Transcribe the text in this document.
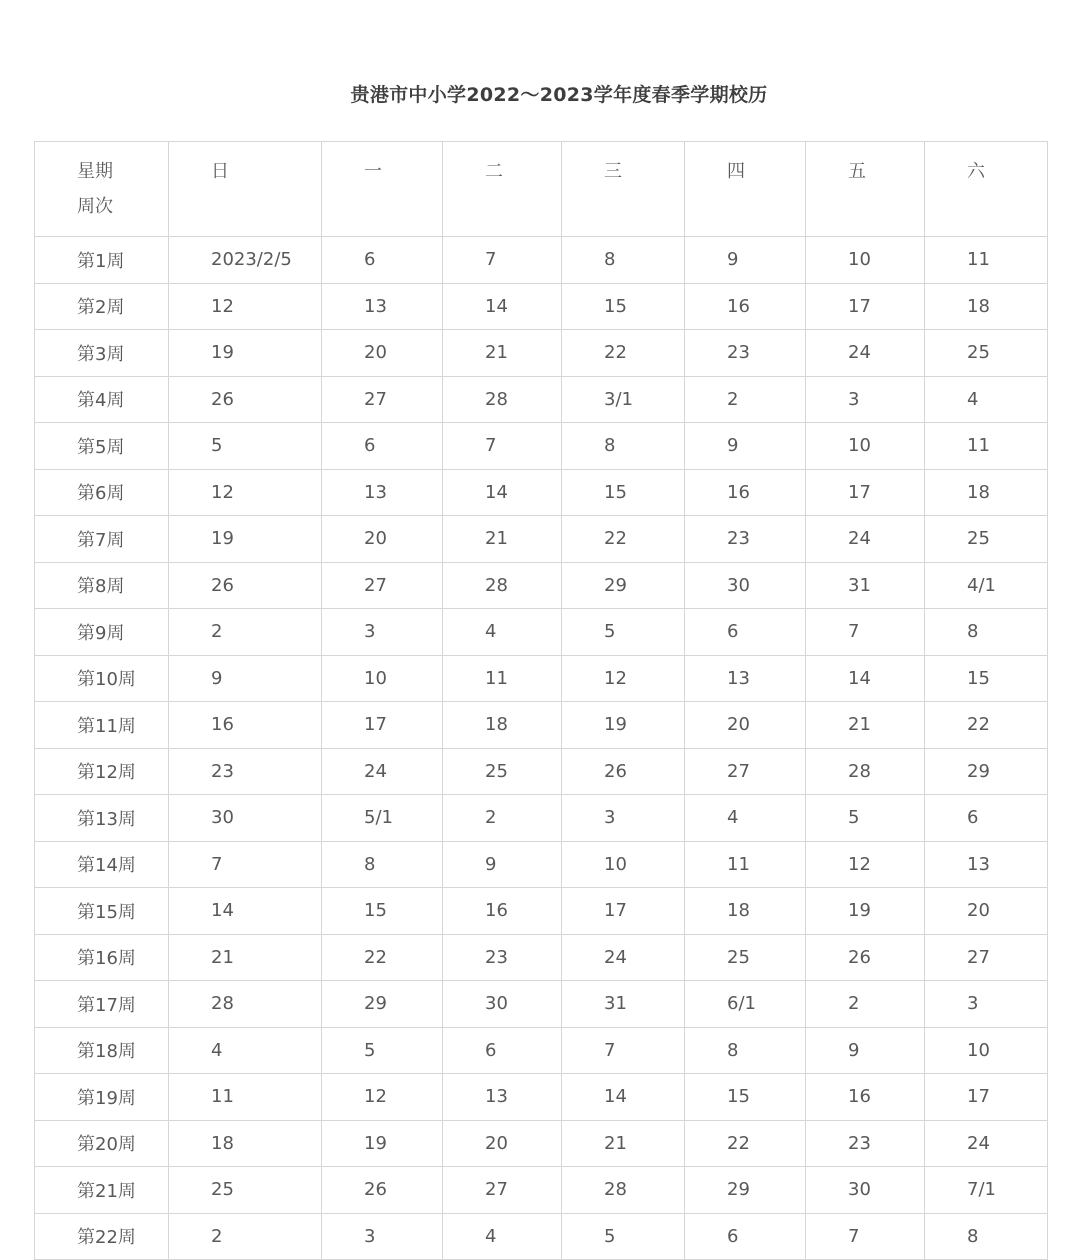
贵港市中小学2022～2023学年度春季学期校历
星期
周次	日	一	二	三	四	五	六

第1周	2023/2/5	6	7	8	9	10	11
第2周	12	13	14	15	16	17	18
第3周	19	20	21	22	23	24	25
第4周	26	27	28	3/1	2	3	4
第5周	5	6	7	8	9	10	11
第6周	12	13	14	15	16	17	18
第7周	19	20	21	22	23	24	25
第8周	26	27	28	29	30	31	4/1
第9周	2	3	4	5	6	7	8
第10周	9	10	11	12	13	14	15
第11周	16	17	18	19	20	21	22
第12周	23	24	25	26	27	28	29
第13周	30	5/1	2	3	4	5	6
第14周	7	8	9	10	11	12	13
第15周	14	15	16	17	18	19	20
第16周	21	22	23	24	25	26	27
第17周	28	29	30	31	6/1	2	3
第18周	4	5	6	7	8	9	10
第19周	11	12	13	14	15	16	17
第20周	18	19	20	21	22	23	24
第21周	25	26	27	28	29	30	7/1
第22周	2	3	4	5	6	7	8
